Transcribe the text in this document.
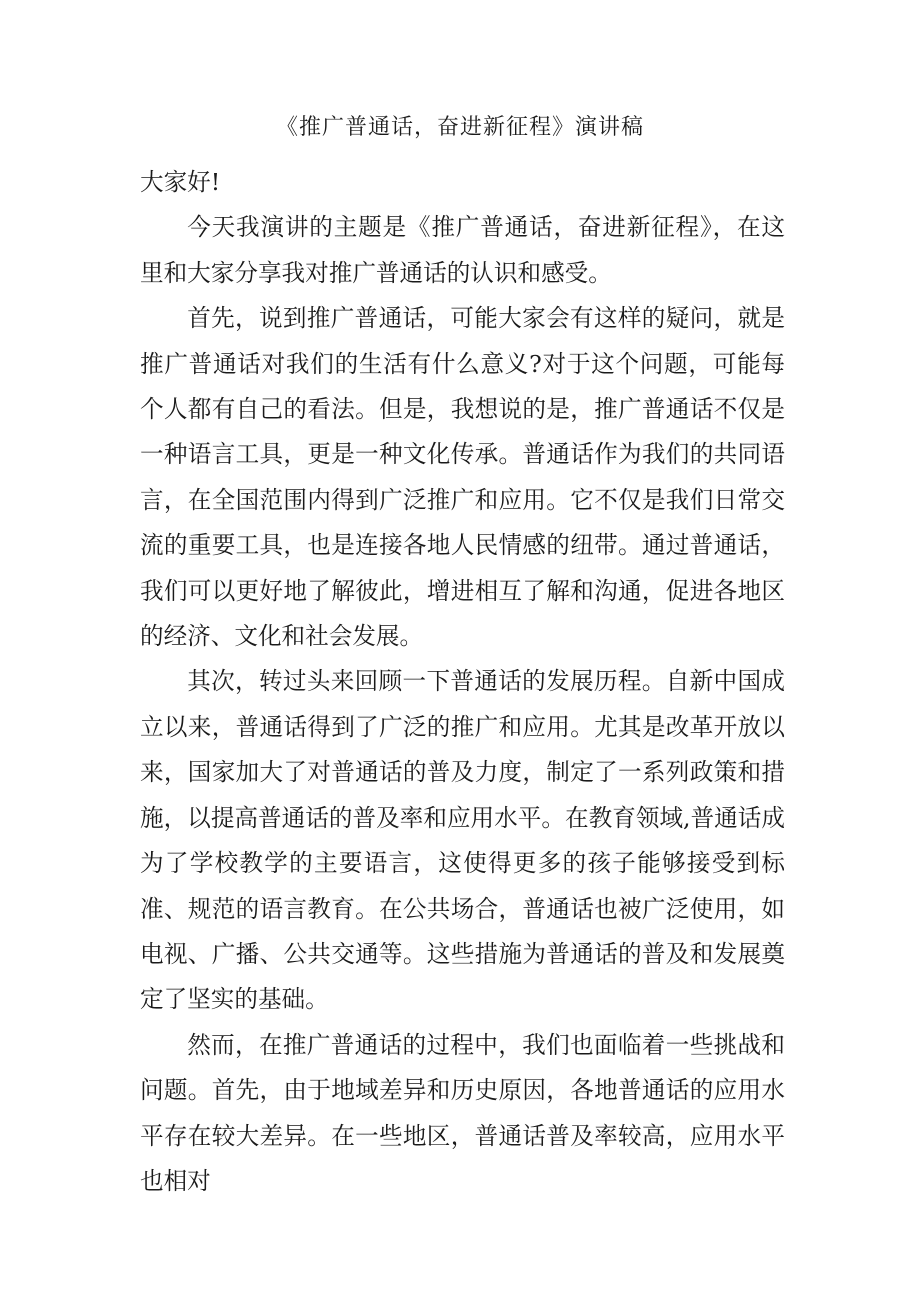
《推广普通话，奋进新征程》演讲稿

大家好!

今天我演讲的主题是《推广普通话，奋进新征程》，在这里和大家分享我对推广普通话的认识和感受。

首先，说到推广普通话，可能大家会有这样的疑问，就是推广普通话对我们的生活有什么意义?对于这个问题，可能每个人都有自己的看法。但是，我想说的是，推广普通话不仅是一种语言工具，更是一种文化传承。普通话作为我们的共同语言，在全国范围内得到广泛推广和应用。它不仅是我们日常交流的重要工具，也是连接各地人民情感的纽带。通过普通话，我们可以更好地了解彼此，增进相互了解和沟通，促进各地区的经济、文化和社会发展。

其次，转过头来回顾一下普通话的发展历程。自新中国成立以来，普通话得到了广泛的推广和应用。尤其是改革开放以来，国家加大了对普通话的普及力度，制定了一系列政策和措施，以提高普通话的普及率和应用水平。在教育领域,普通话成为了学校教学的主要语言，这使得更多的孩子能够接受到标准、规范的语言教育。在公共场合，普通话也被广泛使用，如电视、广播、公共交通等。这些措施为普通话的普及和发展奠定了坚实的基础。

然而，在推广普通话的过程中，我们也面临着一些挑战和问题。首先，由于地域差异和历史原因，各地普通话的应用水平存在较大差异。在一些地区，普通话普及率较高，应用水平也相对
